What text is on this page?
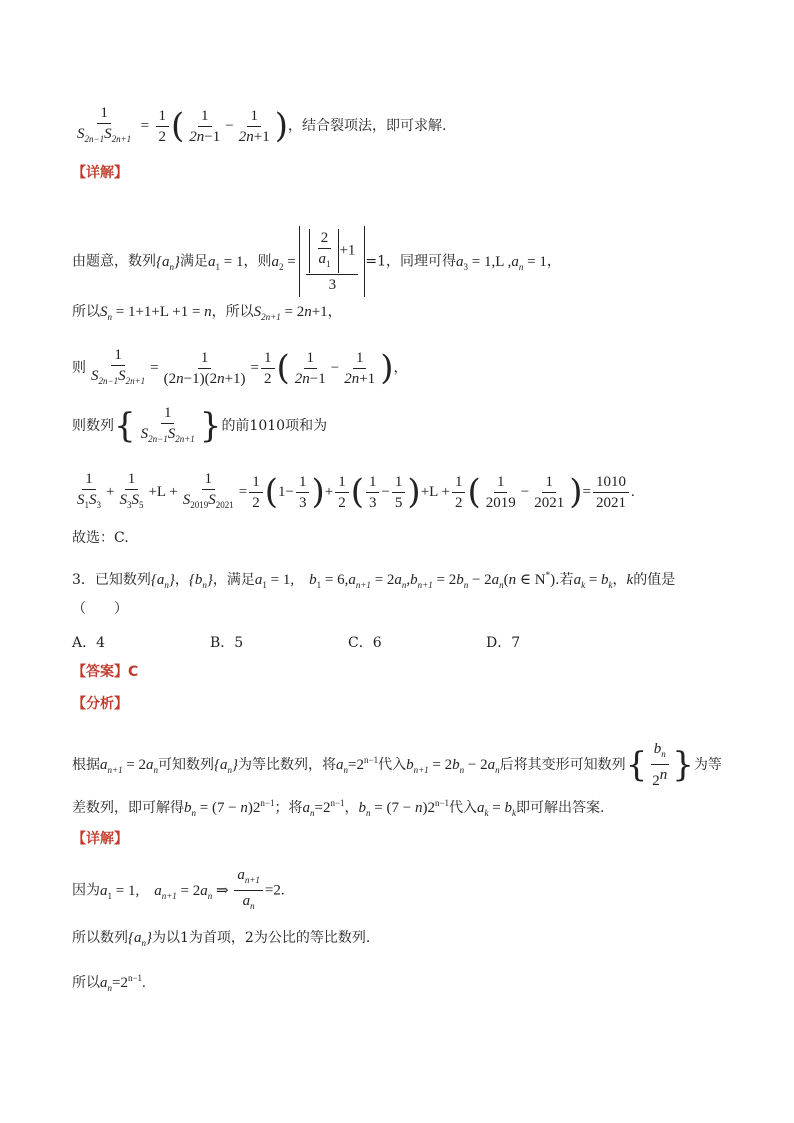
$\frac{1}{S_{2n-1}S_{2n+1}} = \frac{1}{2}$ ( $\frac{1}{2n-1} - \frac{1}{2n+1}$ )，结合裂项法，即可求解.
【详解】
由题意，数列$\{a_n\}$满足$a_1 = 1$，则$a_2 = \frac{\frac{2}{a_1} +1}{3} =1$，同理可得$a_3 = 1,L$ $,a_n = 1$，
所以$S_n = 1+1+L +1 = n$，所以$S_{2n+1} = 2n+1$，
则 $\frac{1}{S_{2n-1}S_{2n+1}} = \frac{1}{(2n-1)(2n+1)} = \frac{1}{2}$ ( $\frac{1}{2n-1} - \frac{1}{2n+1}$ )，
则数列{ $\frac{1}{S_{2n-1}S_{2n+1}}$ }的前1010项和为
$\frac{1}{S_1S_3} + \frac{1}{S_3S_5} +L + \frac{1}{S_{2019}S_{2021}} = \frac{1}{2} (1- \frac{1}{3}$ )+ $\frac{1}{2}$ ( $\frac{1}{3} - \frac{1}{5} )+L + \frac{1}{2}$ ( $\frac{1}{2019} - \frac{1}{2021}$ )= $\frac{1010}{2021}$ .
故选：C.
3．已知数列$\{a_n\}$，$\{b_n\}$，满足$a_1 = 1$,　$b_1 = 6,a_{n+1} = 2a_n,b_{n+1} = 2b_n - 2a_n(n$ ∈ N*).若$a_k = b_k$，k的值是
（　　）
A．4	B．5	C．6	D．7
【答案】C
【分析】
根据$a_{n+1} = 2a_n$可知数列$\{a_n\}$为等比数列，将$a_n=2^{n-1}$代入$b_{n+1} = 2b_n - 2a_n$后将其变形可知数列{ $\frac{b_n}{2^n}$ }为等
差数列，即可解得$b_n = (7 - n)2^{n-1}$；将$a_n=2^{n-1}$，$b_n = (7 - n)2^{n-1}$代入$a_k = b_k$即可解出答案.
【详解】
因为$a_1 = 1$,　$a_{n+1} = 2a_n$ ⇒ $\frac{a_{n+1}}{a_n} =2$.
所以数列$\{a_n\}$为以1为首项，2为公比的等比数列.
所以$a_n=2^{n-1}$.
